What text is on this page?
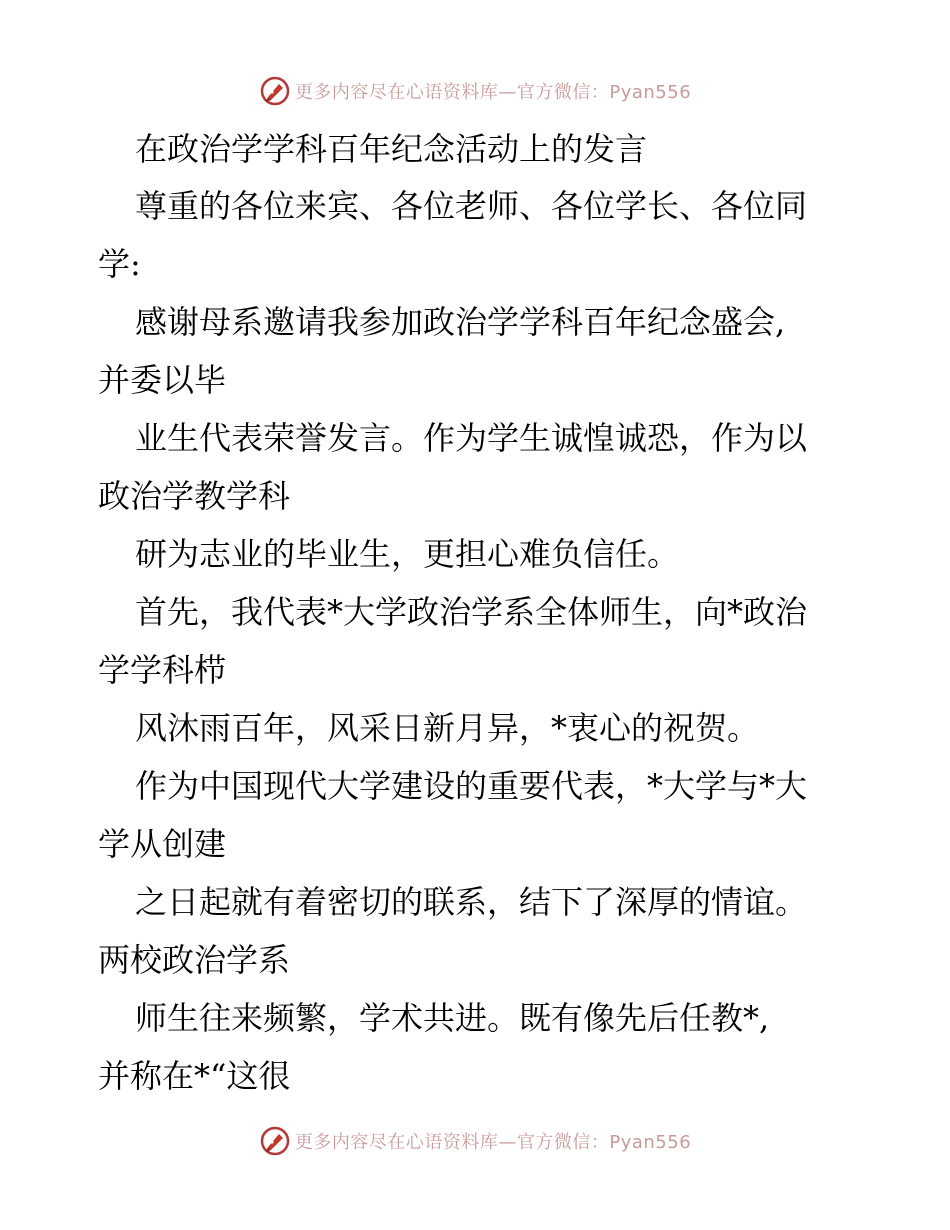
更多内容尽在心语资料库—官方微信：Pyan556
在政治学学科百年纪念活动上的发言
尊重的各位来宾、各位老师、各位学长、各位同
学:
感谢母系邀请我参加政治学学科百年纪念盛会,
并委以毕
业生代表荣誉发言。作为学生诚惶诚恐，作为以
政治学教学科
研为志业的毕业生，更担心难负信任。
首先，我代表*大学政治学系全体师生，向*政治
学学科栉
风沐雨百年，风采日新月异，*衷心的祝贺。
作为中国现代大学建设的重要代表，*大学与*大
学从创建
之日起就有着密切的联系，结下了深厚的情谊。
两校政治学系
师生往来频繁，学术共进。既有像先后任教*,
并称在*“这很
更多内容尽在心语资料库—官方微信：Pyan556
